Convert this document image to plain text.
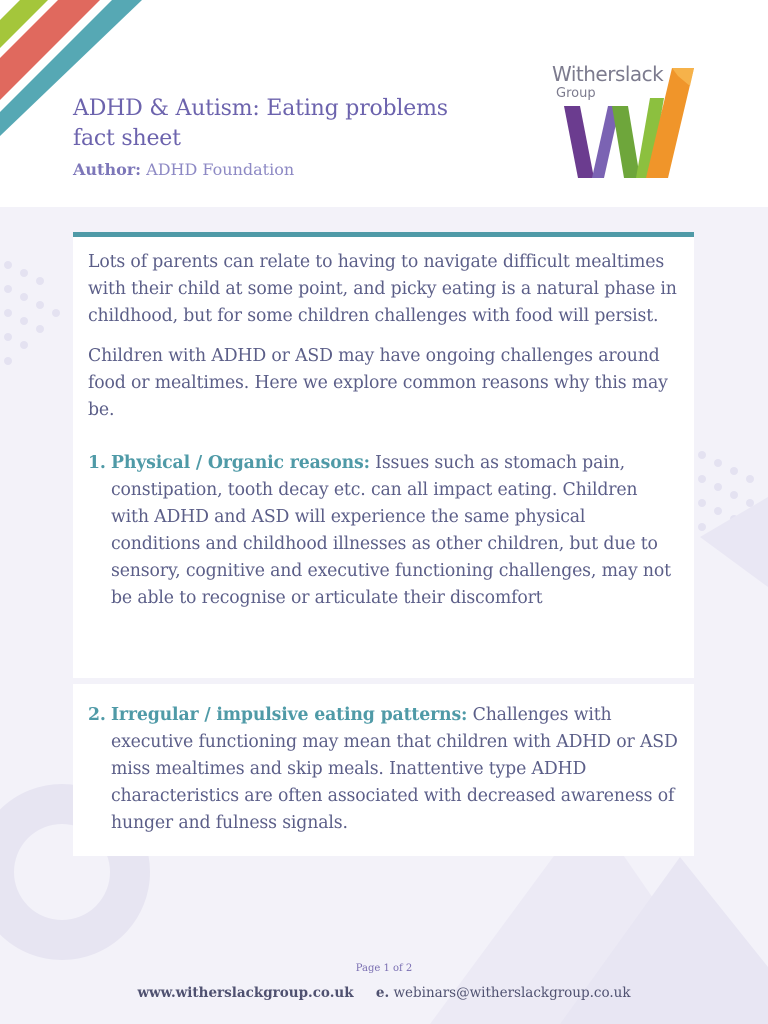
ADHD & Autism: Eating problems fact sheet

Author: ADHD Foundation

Witherslack
Group

Lots of parents can relate to having to navigate difficult mealtimes with their child at some point, and picky eating is a natural phase in childhood, but for some children challenges with food will persist.

Children with ADHD or ASD may have ongoing challenges around food or mealtimes. Here we explore common reasons why this may be.

1. Physical / Organic reasons: Issues such as stomach pain, constipation, tooth decay etc. can all impact eating. Children with ADHD and ASD will experience the same physical conditions and childhood illnesses as other children, but due to sensory, cognitive and executive functioning challenges, may not be able to recognise or articulate their discomfort
2. Irregular / impulsive eating patterns: Challenges with executive functioning may mean that children with ADHD or ASD miss mealtimes and skip meals. Inattentive type ADHD characteristics are often associated with decreased awareness of hunger and fulness signals.
Page 1 of 2
www.witherslackgroup.co.uk e. webinars@witherslackgroup.co.uk
